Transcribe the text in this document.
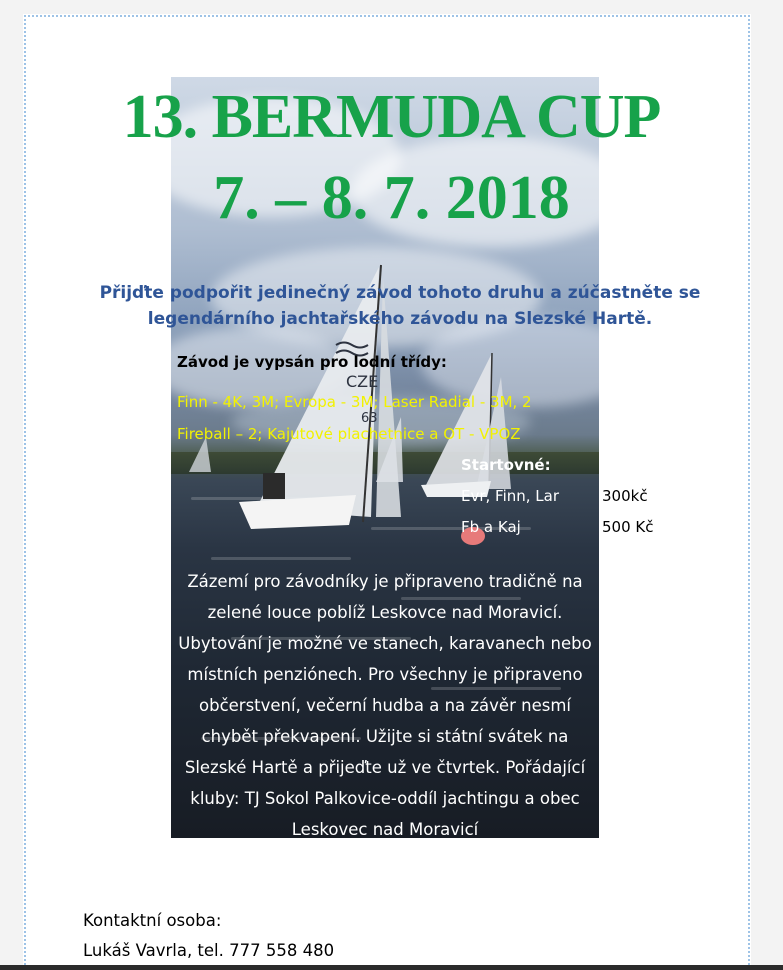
CZE
63
13. BERMUDA CUP
7. – 8. 7. 2018
Přijďte podpořit jedinečný závod tohoto druhu a zúčastněte se legendárního jachtařského závodu na Slezské Hartě.
Závod je vypsán pro lodní třídy:
Finn - 4K, 3M; Evropa - 3M; Laser Radial - 3M, 2
Fireball – 2; Kajutové plachetnice a OT - VPOZ
Startovné:
Evr, Finn, Lar	300kč
Fb a Kaj	500 Kč
Zázemí pro závodníky je připraveno tradičně na zelené louce poblíž Leskovce nad Moravicí. Ubytování je možné ve stanech, karavanech nebo místních penziónech. Pro všechny je připraveno občerstvení, večerní hudba a na závěr nesmí chybět překvapení. Užijte si státní svátek na Slezské Hartě a přijeďte už ve čtvrtek. Pořádající kluby: TJ Sokol Palkovice-oddíl jachtingu a obec Leskovec nad Moravicí
Kontaktní osoba:
Lukáš Vavrla, tel. 777 558 480
